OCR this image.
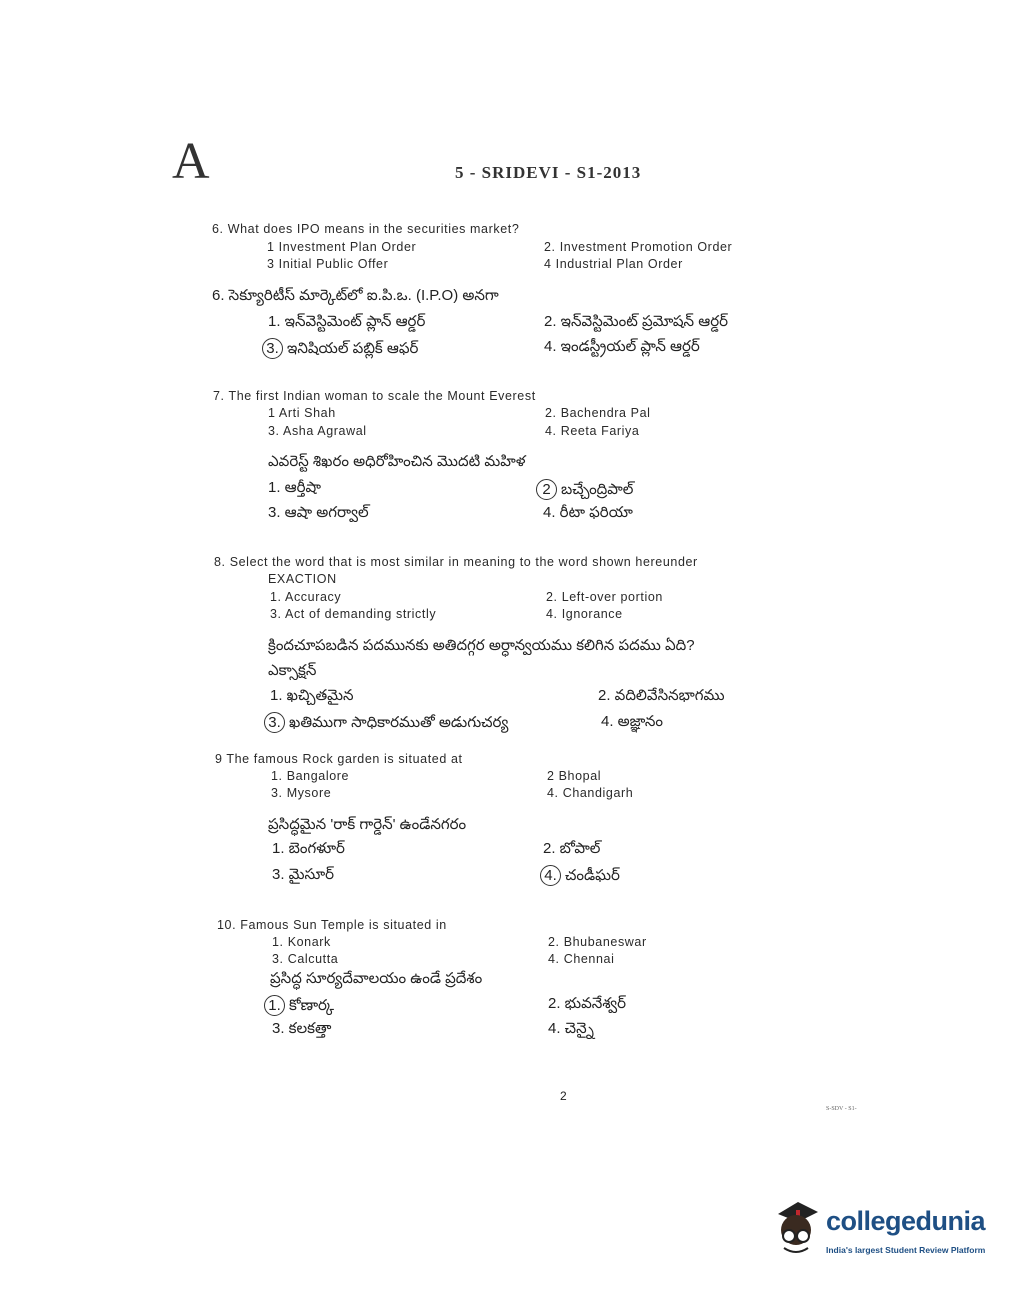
A	5 - SRIDEVI - S1-2013
6. What does IPO means in the securities market?
1 Investment Plan Order	2. Investment Promotion Order
3 Initial Public Offer	4 Industrial Plan Order
6. సెక్యూరిటీస్ మార్కెట్‌లో ఐ.పి.ఒ. (I.P.O) అనగా
1. ఇన్‌వెస్టిమెంట్ ప్లాన్ ఆర్డర్	2. ఇన్‌వెస్టిమెంట్ ప్రమోషన్ ఆర్డర్
3. ఇనిషియల్ పబ్లిక్ ఆఫర్	4. ఇండస్ట్రీయల్ ప్లాన్ ఆర్డర్
7. The first Indian woman to scale the Mount Everest
1 Arti Shah	2. Bachendra Pal
3. Asha Agrawal	4. Reeta Fariya
ఎవరెస్ట్ శిఖరం అధిరోహించిన మొదటి మహిళ
1. ఆర్తీషా	2 బచ్చేంద్రిపాల్
3. ఆషా అగర్వాల్	4. రీటా ఫరియా
8. Select the word that is most similar in meaning to the word shown hereunder
EXACTION
1. Accuracy	2. Left-over portion
3. Act of demanding strictly	4. Ignorance
క్రిందచూపబడిన పదమునకు అతిదగ్గర అర్ధాన్వయము కలిగిన పదము ఏది?
ఎక్సాక్షన్
1. ఖచ్చితమైన	2. వదిలివేసినభాగము
3. ఖతిముగా సాధికారముతో అడుగుచర్య	4. అజ్ఞానం
9 The famous Rock garden is situated at
1. Bangalore	2 Bhopal
3. Mysore	4. Chandigarh
ప్రసిద్ధమైన 'రాక్ గార్డెన్' ఉండేనగరం
1. బెంగళూర్	2. బోపాల్
3. మైసూర్	4. చండీఘర్
10. Famous Sun Temple is situated in
1. Konark	2. Bhubaneswar
3. Calcutta	4. Chennai
ప్రసిద్ధ సూర్యదేవాలయం ఉండే ప్రదేశం
1. కోణార్క	2. భువనేశ్వర్
3. కలకత్తా	4. చెన్నై
2
S-SDV - S1-
collegedunia
India's largest Student Review Platform
